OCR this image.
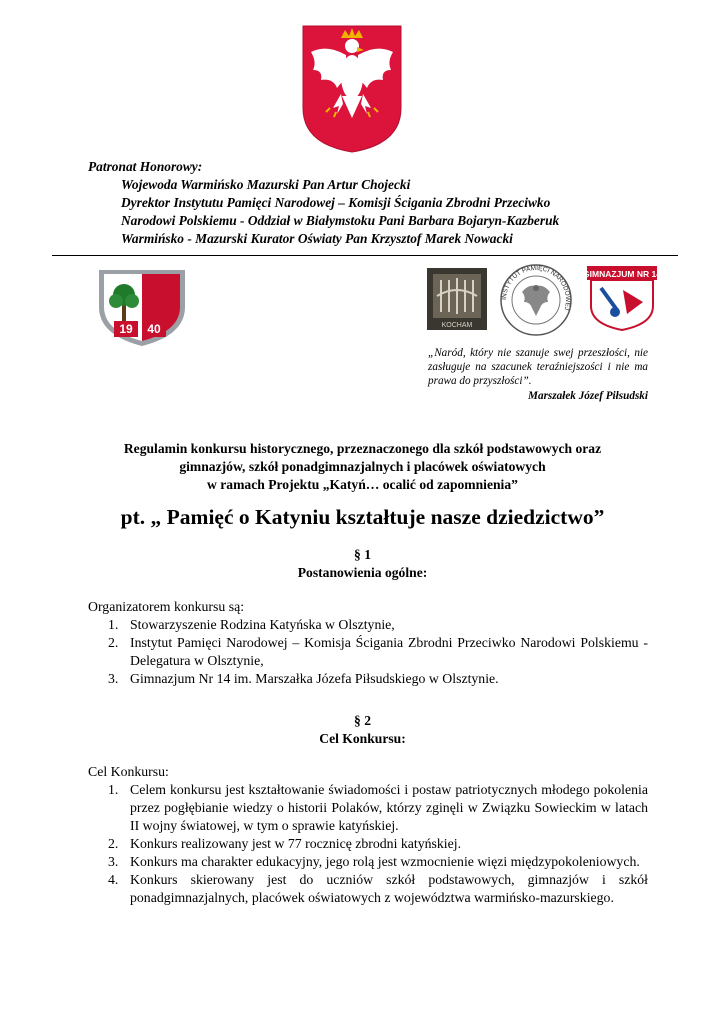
Patronat Honorowy:
Wojewoda Warmińsko Mazurski Pan Artur Chojecki
Dyrektor Instytutu Pamięci Narodowej – Komisji Ścigania Zbrodni Przeciwko
Narodowi Polskiemu - Oddział w Białymstoku Pani Barbara Bojaryn-Kazberuk
Warmińsko - Mazurski Kurator Oświaty Pan Krzysztof Marek Nowacki
19 40	KOCHAM
INSTYTUT PAMIĘCI NARODOWEJ
GIMNAZJUM NR 14
„Naród, który nie szanuje swej przeszłości, nie zasługuje na szacunek teraźniejszości i nie ma prawa do przyszłości”.
Marszałek Józef Piłsudski
Regulamin konkursu historycznego, przeznaczonego dla szkół podstawowych oraz
gimnazjów, szkół ponadgimnazjalnych i placówek oświatowych
w ramach Projektu „Katyń… ocalić od zapomnienia”
pt. „ Pamięć o Katyniu kształtuje nasze dziedzictwo”
§ 1
Postanowienia ogólne:
Organizatorem konkursu są:
1. Stowarzyszenie Rodzina Katyńska w Olsztynie,
2. Instytut Pamięci Narodowej – Komisja Ścigania Zbrodni Przeciwko Narodowi Polskiemu - Delegatura w Olsztynie,
3. Gimnazjum Nr 14 im. Marszałka Józefa Piłsudskiego w Olsztynie.
§ 2
Cel Konkursu:
Cel Konkursu:
1. Celem konkursu jest kształtowanie świadomości i postaw patriotycznych młodego pokolenia przez pogłębianie wiedzy o historii Polaków, którzy zginęli w Związku Sowieckim w latach II wojny światowej, w tym o sprawie katyńskiej.
2. Konkurs realizowany jest w 77 rocznicę zbrodni katyńskiej.
3. Konkurs ma charakter edukacyjny, jego rolą jest wzmocnienie więzi międzypokoleniowych.
4. Konkurs skierowany jest do uczniów szkół podstawowych, gimnazjów i szkół ponadgimnazjalnych, placówek oświatowych z województwa warmińsko-mazurskiego.
